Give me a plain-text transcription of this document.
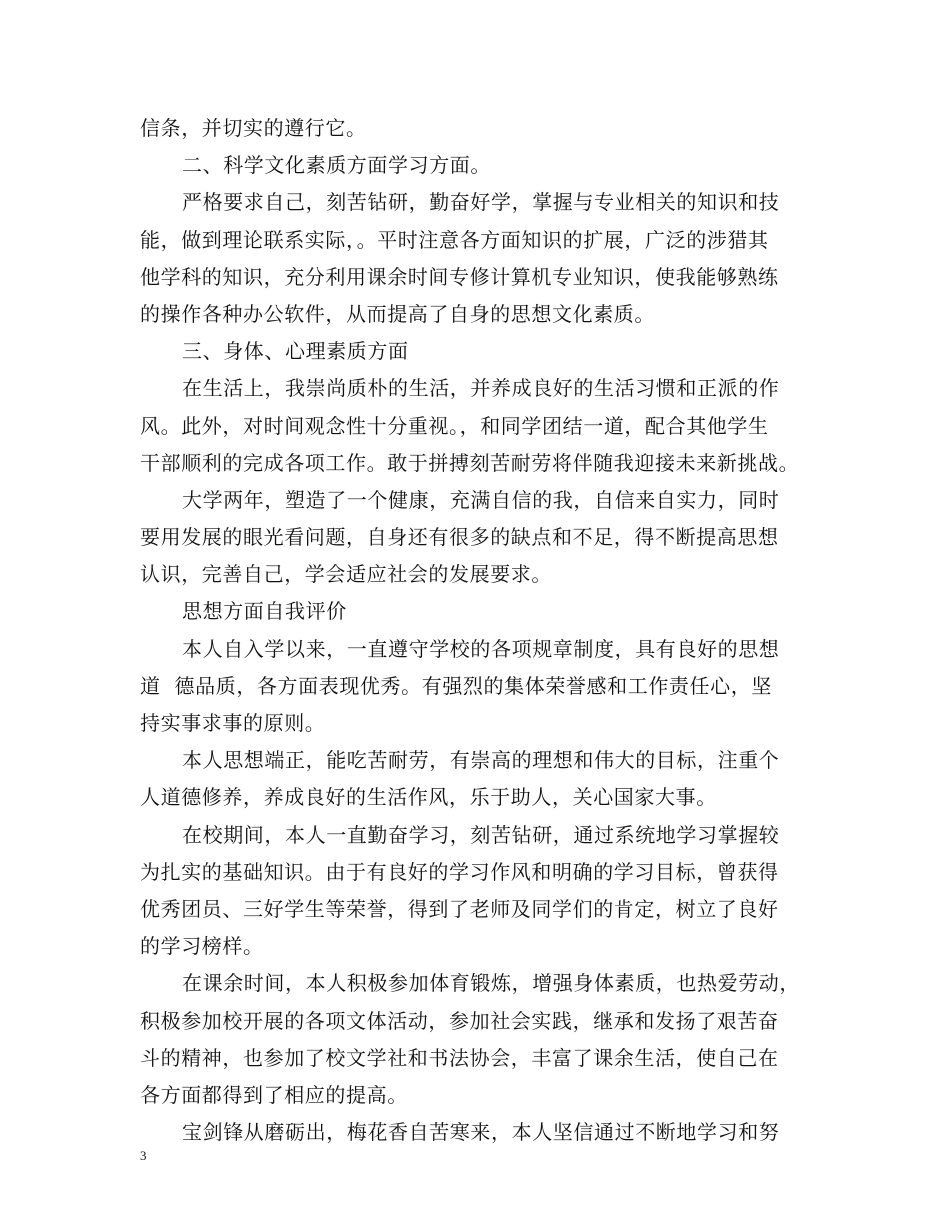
信条，并切实的遵行它。
二、科学文化素质方面学习方面。
严格要求自己，刻苦钻研，勤奋好学，掌握与专业相关的知识和技
能，做到理论联系实际，。平时注意各方面知识的扩展，广泛的涉猎其
他学科的知识，充分利用课余时间专修计算机专业知识，使我能够熟练
的操作各种办公软件，从而提高了自身的思想文化素质。
三、身体、心理素质方面
在生活上，我崇尚质朴的生活，并养成良好的生活习惯和正派的作
风。此外，对时间观念性十分重视。，和同学团结一道，配合其他学生
干部顺利的完成各项工作。敢于拼搏刻苦耐劳将伴随我迎接未来新挑战。
大学两年，塑造了一个健康，充满自信的我，自信来自实力，同时
要用发展的眼光看问题，自身还有很多的缺点和不足，得不断提高思想
认识，完善自己，学会适应社会的发展要求。
思想方面自我评价
本人自入学以来，一直遵守学校的各项规章制度，具有良好的思想
道  德品质，各方面表现优秀。有强烈的集体荣誉感和工作责任心，坚
持实事求事的原则。
本人思想端正，能吃苦耐劳，有崇高的理想和伟大的目标，注重个
人道德修养，养成良好的生活作风，乐于助人，关心国家大事。
在校期间，本人一直勤奋学习，刻苦钻研，通过系统地学习掌握较
为扎实的基础知识。由于有良好的学习作风和明确的学习目标，曾获得
优秀团员、三好学生等荣誉，得到了老师及同学们的肯定，树立了良好
的学习榜样。
在课余时间，本人积极参加体育锻炼，增强身体素质，也热爱劳动，
积极参加校开展的各项文体活动，参加社会实践，继承和发扬了艰苦奋
斗的精神，也参加了校文学社和书法协会，丰富了课余生活，使自己在
各方面都得到了相应的提高。
宝剑锋从磨砺出，梅花香自苦寒来，本人坚信通过不断地学习和努
3
